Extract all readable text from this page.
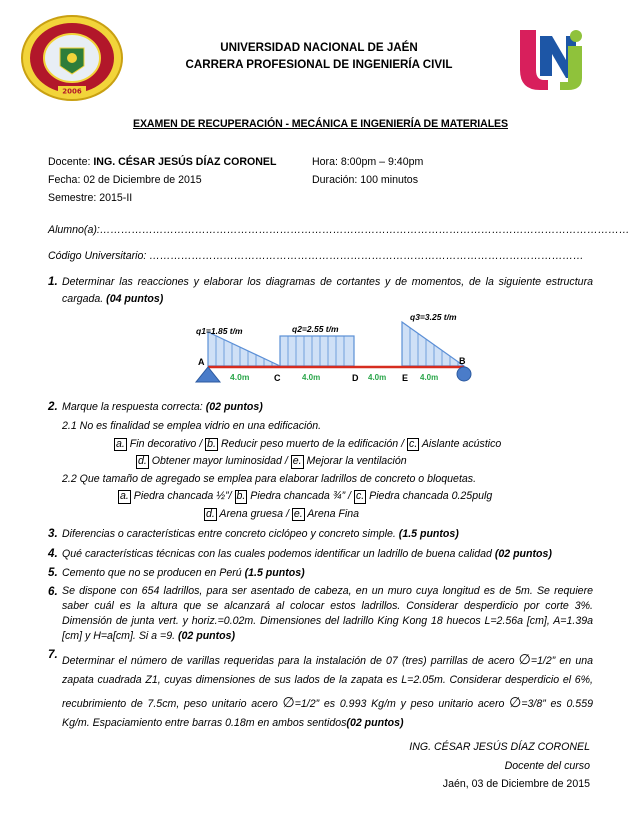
2006
UNIVERSIDAD NACIONAL DE JAÉN
CARRERA PROFESIONAL DE INGENIERÍA CIVIL
EXAMEN DE RECUPERACIÓN - MECÁNICA E INGENIERÍA DE MATERIALES
Docente: ING. CÉSAR JESÚS DÍAZ CORONEL	Hora: 8:00pm – 9:40pm
Fecha: 02 de Diciembre de 2015	Duración: 100 minutos
Semestre: 2015-II
Alumno(a):……………………………………………………………………………………………………………………………………
Código Universitario: ……………………………………………………………………………………………………………
1. Determinar las reacciones y elaborar los diagramas de cortantes y de momentos, de la siguiente estructura cargada. (04 puntos)
q1=1.85 t/m	q2=2.55 t/m
q3=3.25 t/m
A
C	D	E
B
4.0m	4.0m	4.0m	4.0m
2. Marque la respuesta correcta: (02 puntos)
2.1 No es finalidad se emplea vidrio en una edificación.
a. Fin decorativo / b. Reducir peso muerto de la edificación / c. Aislante acústico
d. Obtener mayor luminosidad / e. Mejorar la ventilación
2.2 Que tamaño de agregado se emplea para elaborar ladrillos de concreto o bloquetas.
a. Piedra chancada ½”/ b. Piedra chancada ¾” / c. Piedra chancada 0.25pulg
d. Arena gruesa / e. Arena Fina
3. Diferencias o características entre concreto ciclópeo y concreto simple. (1.5 puntos)
4. Qué características técnicas con las cuales podemos identificar un ladrillo de buena calidad (02 puntos)
5. Cemento que no se producen en Perú (1.5 puntos)
6. Se dispone con 654 ladrillos, para ser asentado de cabeza, en un muro cuya longitud es de 5m. Se requiere saber cuál es la altura que se alcanzará al colocar estos ladrillos. Considerar desperdicio por corte 3%. Dimensión de junta vert. y horiz.=0.02m. Dimensiones del ladrillo King Kong 18 huecos L=2.56a [cm], A=1.39a [cm] y H=a[cm]. Si a =9. (02 puntos)
7. Determinar el número de varillas requeridas para la instalación de 07 (tres) parrillas de acero ∅=1/2” en una zapata cuadrada Z1, cuyas dimensiones de sus lados de la zapata es L=2.05m. Considerar desperdicio el 6%, recubrimiento de 7.5cm, peso unitario acero ∅=1/2” es 0.993 Kg/m y peso unitario acero ∅=3/8” es 0.559 Kg/m. Espaciamiento entre barras 0.18m en ambos sentidos(02 puntos)
ING. CÉSAR JESÚS DÍAZ CORONEL
Docente del curso
Jaén, 03 de Diciembre de 2015
